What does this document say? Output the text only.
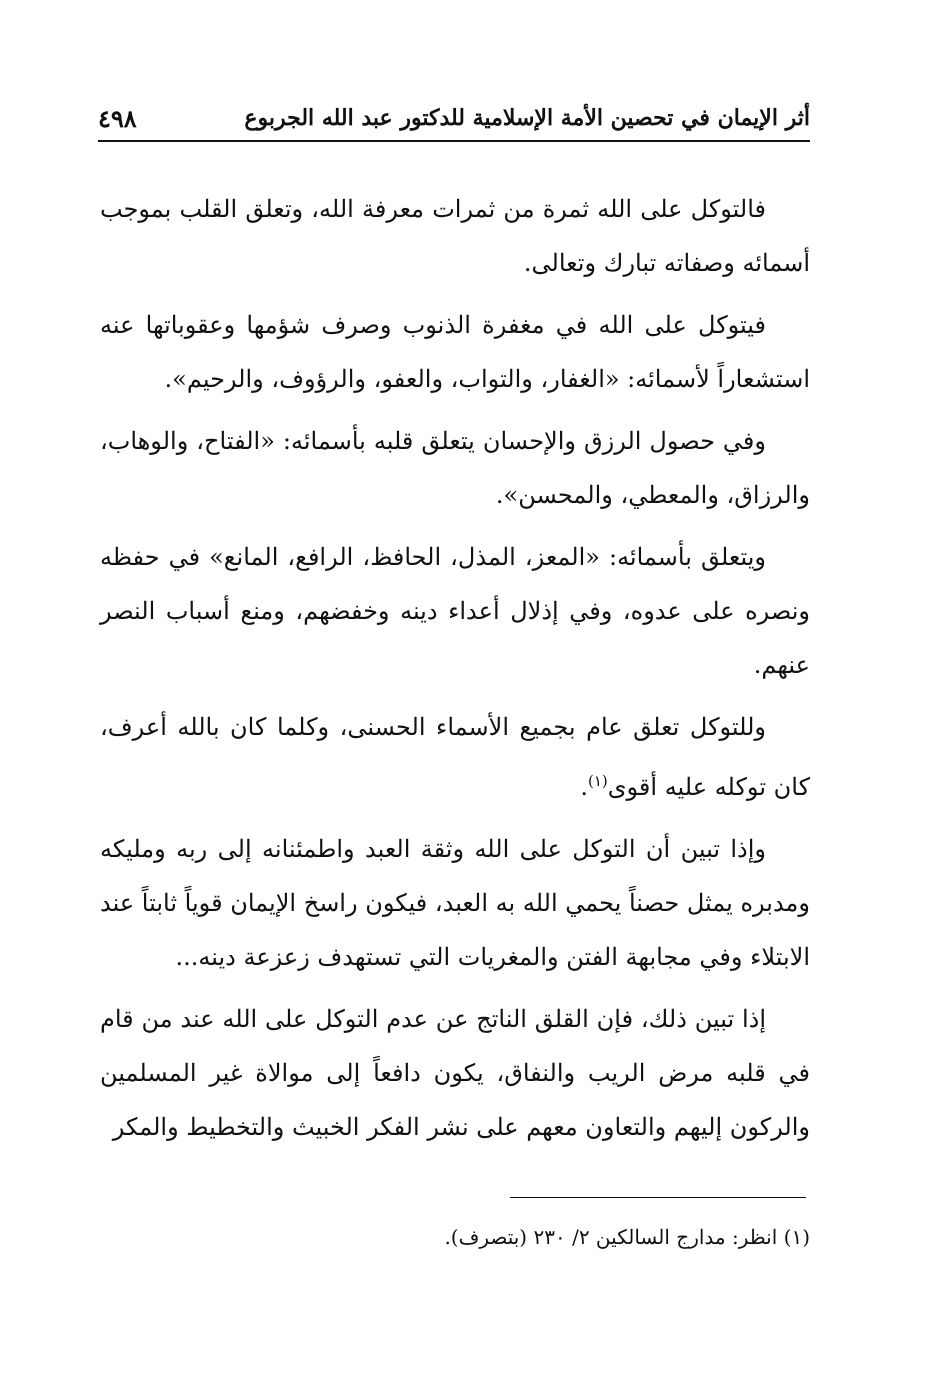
أثر الإيمان في تحصين الأمة الإسلامية للدكتور عبد الله الجربوع
٤٩٨

فالتوكل على الله ثمرة من ثمرات معرفة الله، وتعلق القلب بموجب أسمائه وصفاته تبارك وتعالى.

فيتوكل على الله في مغفرة الذنوب وصرف شؤمها وعقوباتها عنه استشعاراً لأسمائه: «الغفار، والتواب، والعفو، والرؤوف، والرحيم».

وفي حصول الرزق والإحسان يتعلق قلبه بأسمائه: «الفتاح، والوهاب، والرزاق، والمعطي، والمحسن».

ويتعلق بأسمائه: «المعز، المذل، الحافظ، الرافع، المانع» في حفظه ونصره على عدوه، وفي إذلال أعداء دينه وخفضهم، ومنع أسباب النصر عنهم.

وللتوكل تعلق عام بجميع الأسماء الحسنى، وكلما كان بالله أعرف، كان توكله عليه أقوى$^{(١)}$.

وإذا تبين أن التوكل على الله وثقة العبد واطمئنانه إلى ربه ومليكه ومدبره يمثل حصناً يحمي الله به العبد، فيكون راسخ الإيمان قوياً ثابتاً عند الابتلاء وفي مجابهة الفتن والمغريات التي تستهدف زعزعة دينه...

إذا تبين ذلك، فإن القلق الناتج عن عدم التوكل على الله عند من قام في قلبه مرض الريب والنفاق، يكون دافعاً إلى موالاة غير المسلمين والركون إليهم والتعاون معهم على نشر الفكر الخبيث والتخطيط والمكر

(١) انظر: مدارج السالكين ٢/ ٢٣٠ (بتصرف).
